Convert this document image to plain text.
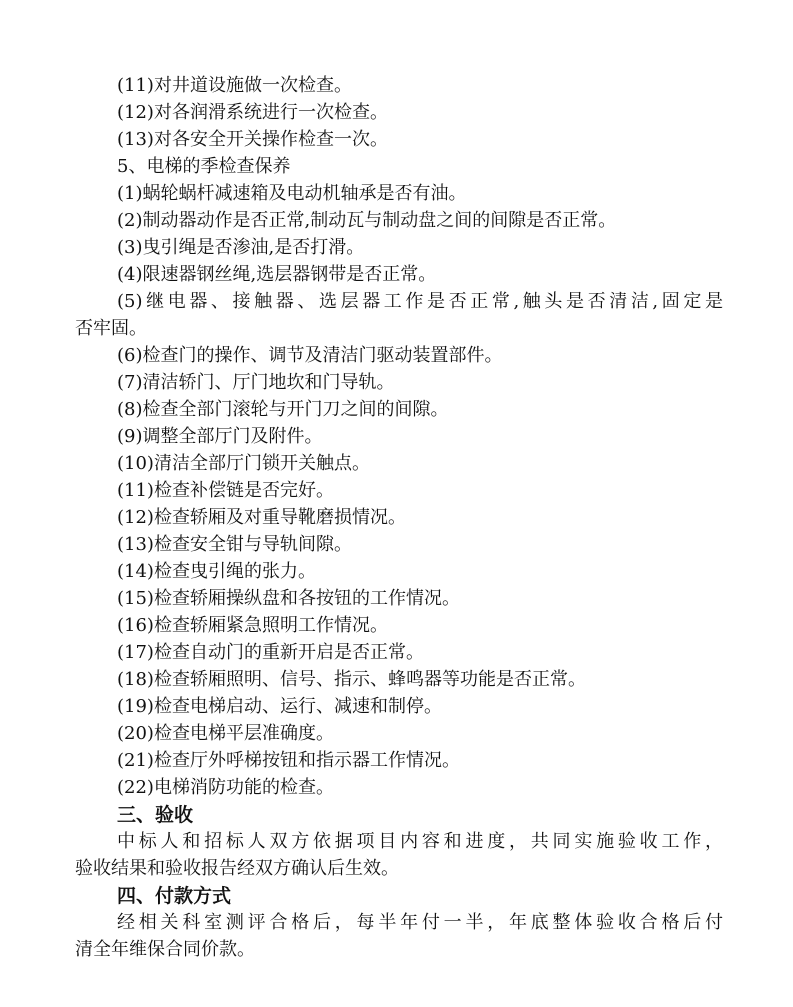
(11)对井道设施做一次检查。
(12)对各润滑系统进行一次检查。
(13)对各安全开关操作检查一次。
5、电梯的季检查保养
(1)蜗轮蜗杆减速箱及电动机轴承是否有油。
(2)制动器动作是否正常,制动瓦与制动盘之间的间隙是否正常。
(3)曳引绳是否渗油,是否打滑。
(4)限速器钢丝绳,选层器钢带是否正常。
(5)继电器、接触器、选层器工作是否正常,触头是否清洁,固定是
否牢固。
(6)检查门的操作、调节及清洁门驱动装置部件。
(7)清洁轿门、厅门地坎和门导轨。
(8)检查全部门滚轮与开门刀之间的间隙。
(9)调整全部厅门及附件。
(10)清洁全部厅门锁开关触点。
(11)检查补偿链是否完好。
(12)检查轿厢及对重导靴磨损情况。
(13)检查安全钳与导轨间隙。
(14)检查曳引绳的张力。
(15)检查轿厢操纵盘和各按钮的工作情况。
(16)检查轿厢紧急照明工作情况。
(17)检查自动门的重新开启是否正常。
(18)检查轿厢照明、信号、指示、蜂鸣器等功能是否正常。
(19)检查电梯启动、运行、减速和制停。
(20)检查电梯平层准确度。
(21)检查厅外呼梯按钮和指示器工作情况。
(22)电梯消防功能的检查。
三、验收
中标人和招标人双方依据项目内容和进度，共同实施验收工作，
验收结果和验收报告经双方确认后生效。
四、付款方式
经相关科室测评合格后，每半年付一半，年底整体验收合格后付
清全年维保合同价款。
